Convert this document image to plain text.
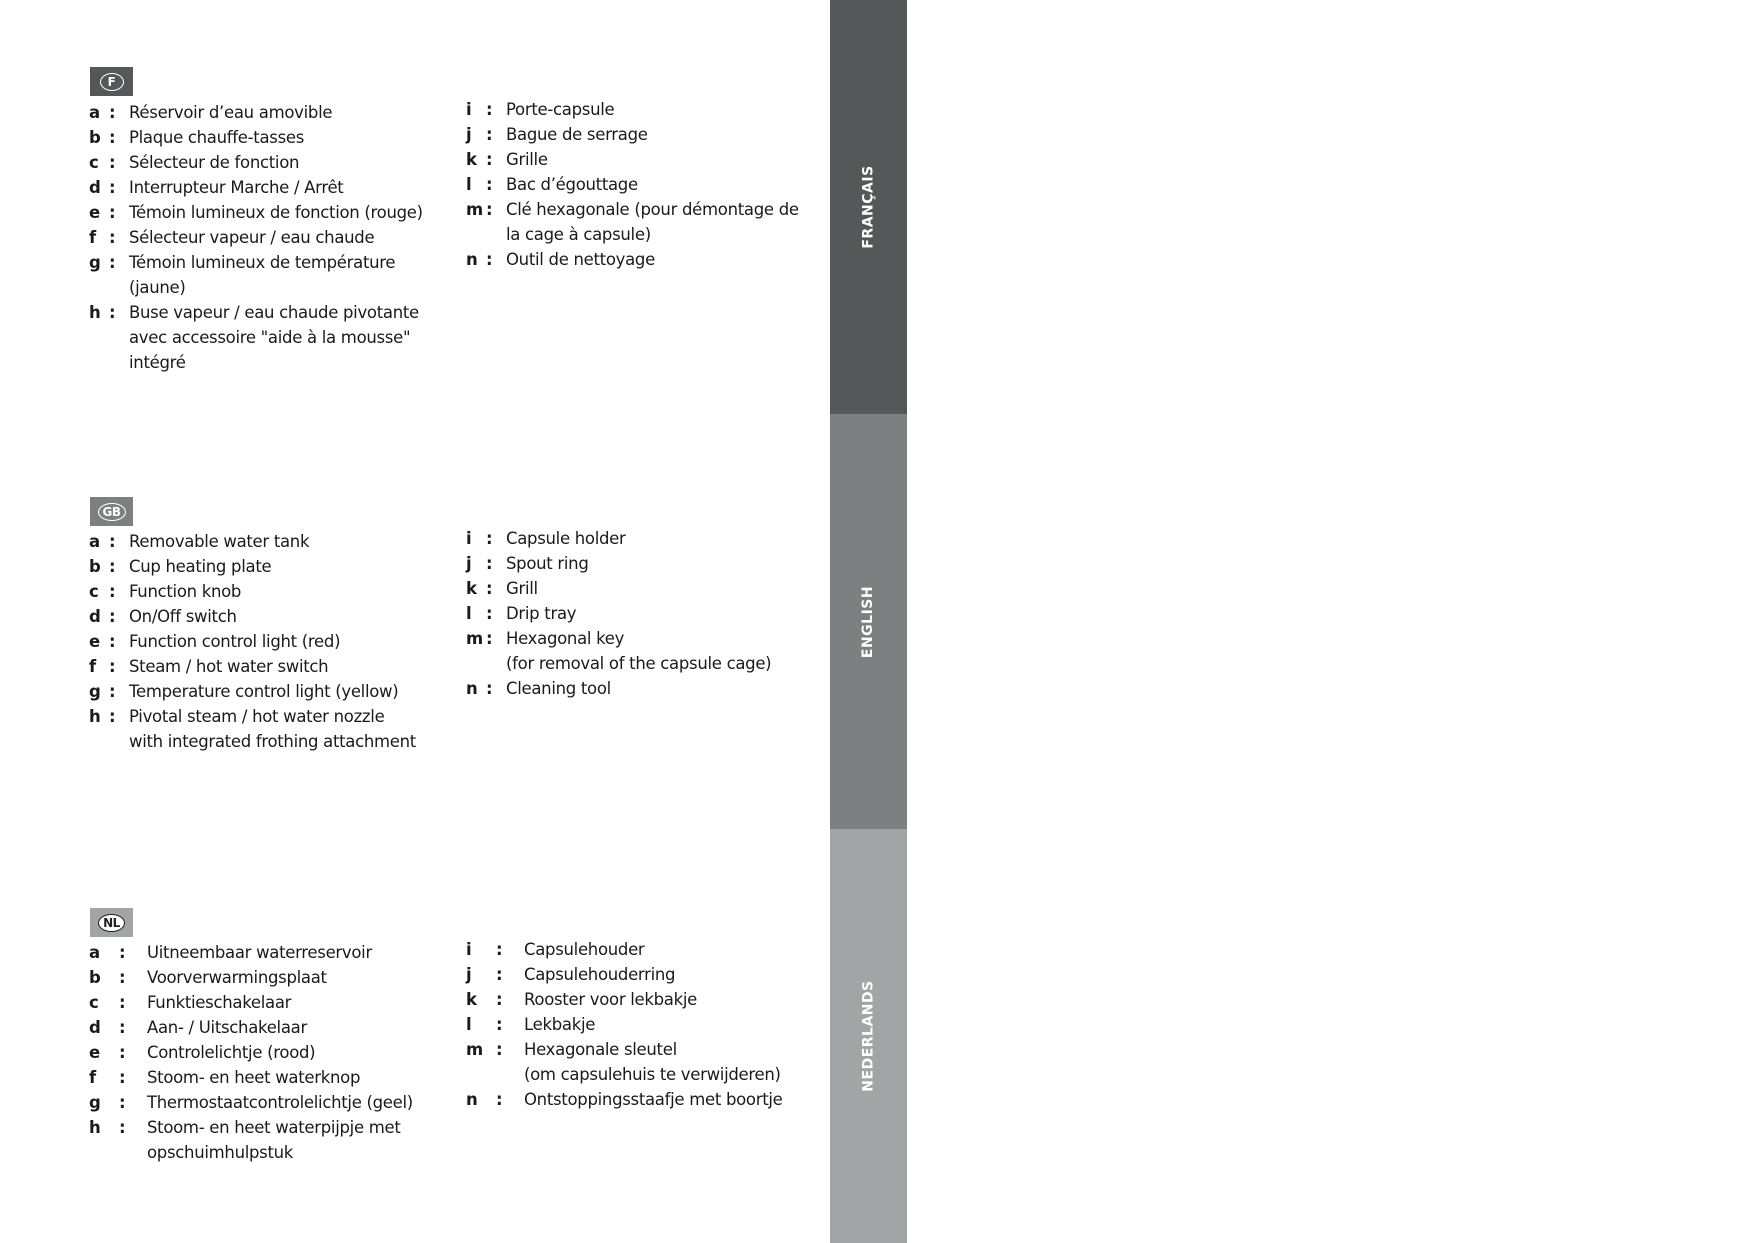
F
a : Réservoir d’eau amovible
b : Plaque chauffe-tasses
c : Sélecteur de fonction
d : Interrupteur Marche / Arrêt
e : Témoin lumineux de fonction (rouge)
f : Sélecteur vapeur / eau chaude
g : Témoin lumineux de température (jaune)
h : Buse vapeur / eau chaude pivotante
avec accessoire "aide à la mousse"
intégré
i : Porte-capsule
j : Bague de serrage
k : Grille
l : Bac d’égouttage
m : Clé hexagonale (pour démontage de
la cage à capsule)
n : Outil de nettoyage
GB
a : Removable water tank
b : Cup heating plate
c : Function knob
d : On/Off switch
e : Function control light (red)
f : Steam / hot water switch
g : Temperature control light (yellow)
h : Pivotal steam / hot water nozzle
with integrated frothing attachment
i : Capsule holder
j : Spout ring
k : Grill
l : Drip tray
m : Hexagonal key
(for removal of the capsule cage)
n : Cleaning tool
NL
a	:	Uitneembaar waterreservoir
b	:	Voorverwarmingsplaat
c	:	Funktieschakelaar
d	:	Aan- / Uitschakelaar
e	:	Controlelichtje (rood)
f	:	Stoom- en heet waterknop
g	:	Thermostaatcontrolelichtje (geel)
h	:	Stoom- en heet waterpijpje met
opschuimhulpstuk
i	:	Capsulehouder
j	:	Capsulehouderring
k	:	Rooster voor lekbakje
l	:	Lekbakje
m :	Hexagonale sleutel
(om capsulehuis te verwijderen)
n	:	Ontstoppingsstaafje met boortje
FRANÇAIS
ENGLISH
NEDERLANDS
